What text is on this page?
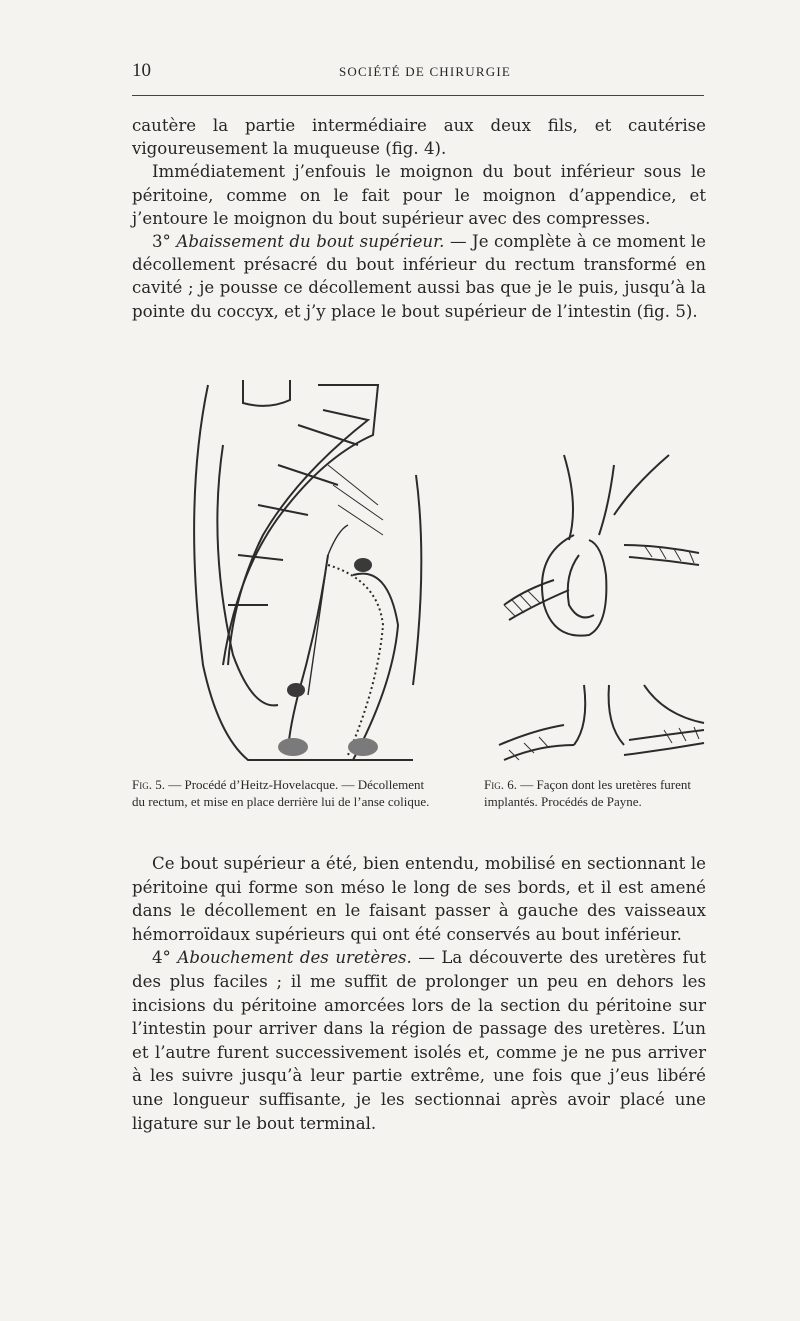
10	SOCIÉTÉ DE CHIRURGIE

cautère la partie intermédiaire aux deux fils, et cautérise vigoureusement la muqueuse (fig. 4).

Immédiatement j’enfouis le moignon du bout inférieur sous le péritoine, comme on le fait pour le moignon d’appendice, et j’entoure le moignon du bout supérieur avec des compresses.

3° Abaissement du bout supérieur. — Je complète à ce moment le décollement présacré du bout inférieur du rectum transformé en cavité ; je pousse ce décollement aussi bas que je le puis, jusqu’à la pointe du coccyx, et j’y place le bout supérieur de l’intestin (fig. 5).

Fig. 5. — Procédé d’Heitz-Hovelacque. — Décollement du rectum, et mise en place derrière lui de l’anse colique.
Fig. 6. — Façon dont les uretères furent implantés. Procédés de Payne.

Ce bout supérieur a été, bien entendu, mobilisé en sectionnant le péritoine qui forme son méso le long de ses bords, et il est amené dans le décollement en le faisant passer à gauche des vaisseaux hémorroïdaux supérieurs qui ont été conservés au bout inférieur.

4° Abouchement des uretères. — La découverte des uretères fut des plus faciles ; il me suffit de prolonger un peu en dehors les incisions du péritoine amorcées lors de la section du péritoine sur l’intestin pour arriver dans la région de passage des uretères. L’un et l’autre furent successivement isolés et, comme je ne pus arriver à les suivre jusqu’à leur partie extrême, une fois que j’eus libéré une longueur suffisante, je les sectionnai après avoir placé une ligature sur le bout terminal.
